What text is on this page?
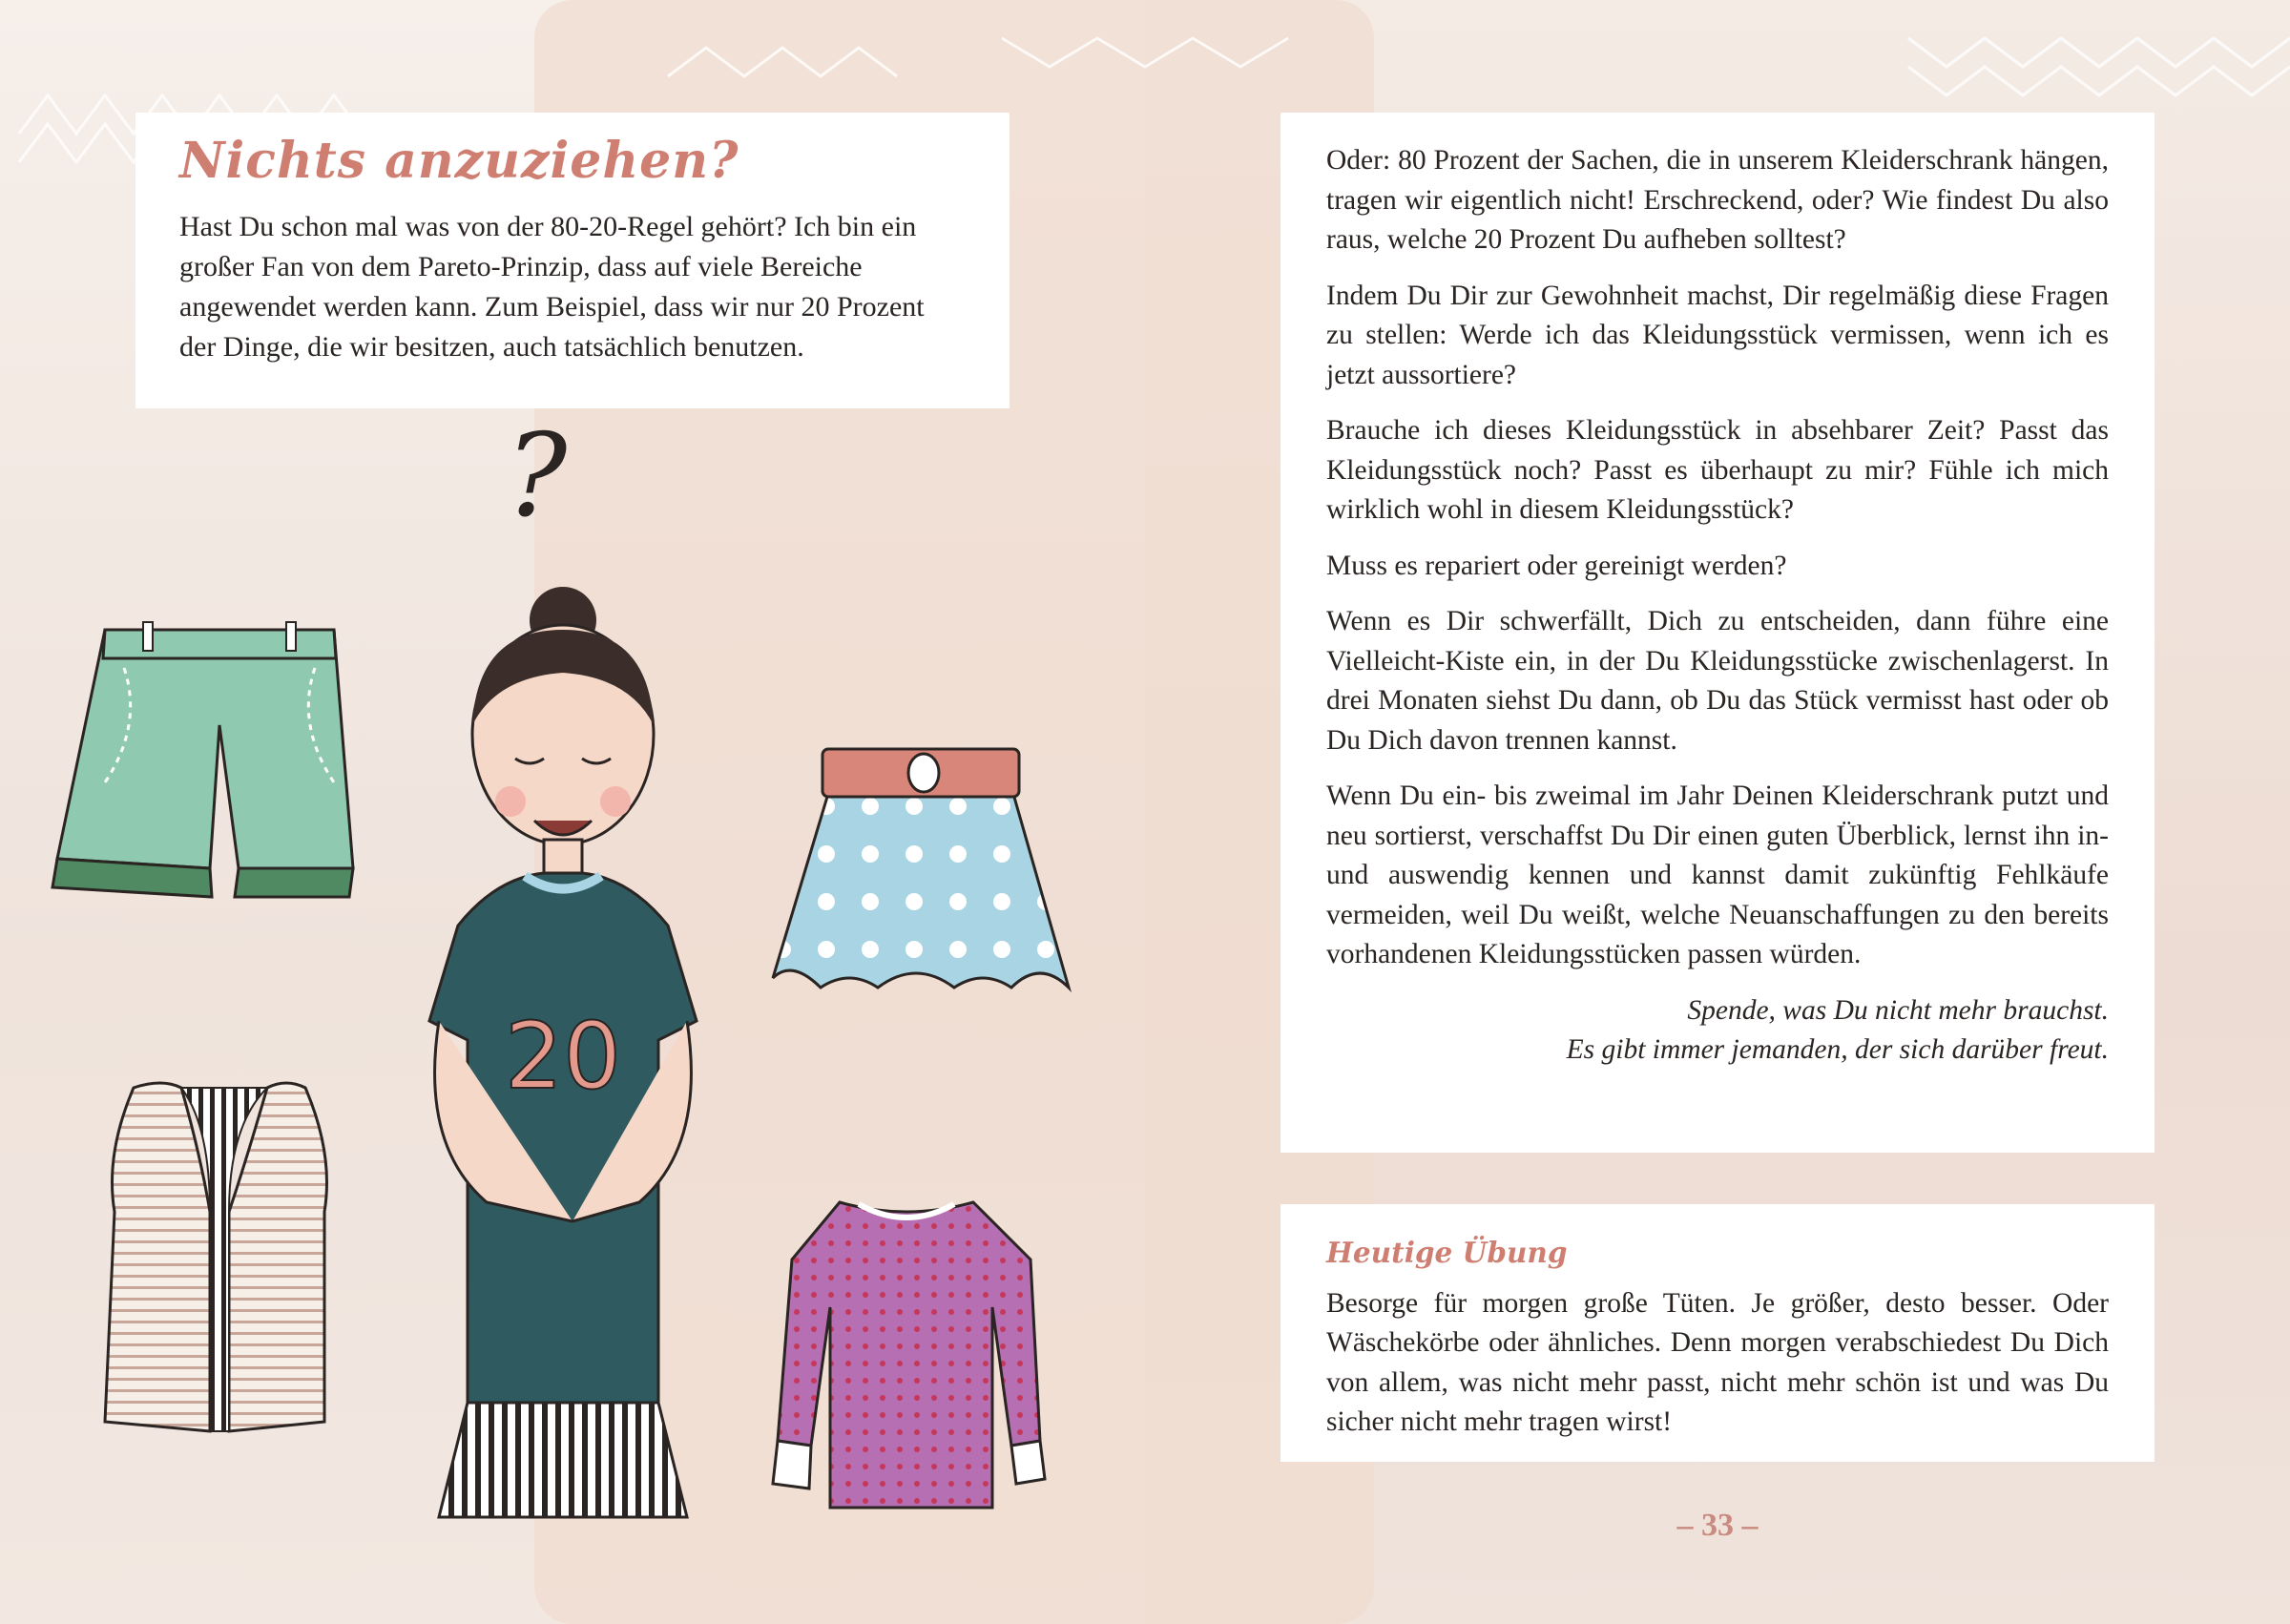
Nichts anzuziehen?

Hast Du schon mal was von der 80-20-Regel gehört? Ich bin ein großer Fan von dem Pareto-Prinzip, dass auf viele Bereiche angewendet werden kann. Zum Beispiel, dass wir nur 20 Prozent der Dinge, die wir besitzen, auch tatsächlich benutzen.

?
20

Oder: 80 Prozent der Sachen, die in unserem Kleiderschrank hängen, tragen wir eigentlich nicht! Erschreckend, oder? Wie findest Du also raus, welche 20 Prozent Du aufheben solltest?

Indem Du Dir zur Gewohnheit machst, Dir regelmäßig diese Fragen zu stellen: Werde ich das Kleidungsstück vermissen, wenn ich es jetzt aussortiere?

Brauche ich dieses Kleidungsstück in absehbarer Zeit? Passt das Kleidungsstück noch? Passt es überhaupt zu mir? Fühle ich mich wirklich wohl in diesem Kleidungsstück?

Muss es repariert oder gereinigt werden?

Wenn es Dir schwerfällt, Dich zu entscheiden, dann führe eine Vielleicht-Kiste ein, in der Du Kleidungsstücke zwischenlagerst. In drei Monaten siehst Du dann, ob Du das Stück vermisst hast oder ob Du Dich davon trennen kannst.

Wenn Du ein- bis zweimal im Jahr Deinen Kleiderschrank putzt und neu sortierst, verschaffst Du Dir einen guten Überblick, lernst ihn in- und auswendig kennen und kannst damit zukünftig Fehlkäufe vermeiden, weil Du weißt, welche Neuanschaffungen zu den bereits vorhandenen Kleidungsstücken passen würden.

Spende, was Du nicht mehr brauchst.
Es gibt immer jemanden, der sich darüber freut.

Heutige Übung

Besorge für morgen große Tüten. Je größer, desto besser. Oder Wäschekörbe oder ähnliches. Denn morgen verabschiedest Du Dich von allem, was nicht mehr passt, nicht mehr schön ist und was Du sicher nicht mehr tragen wirst!

– 33 –
